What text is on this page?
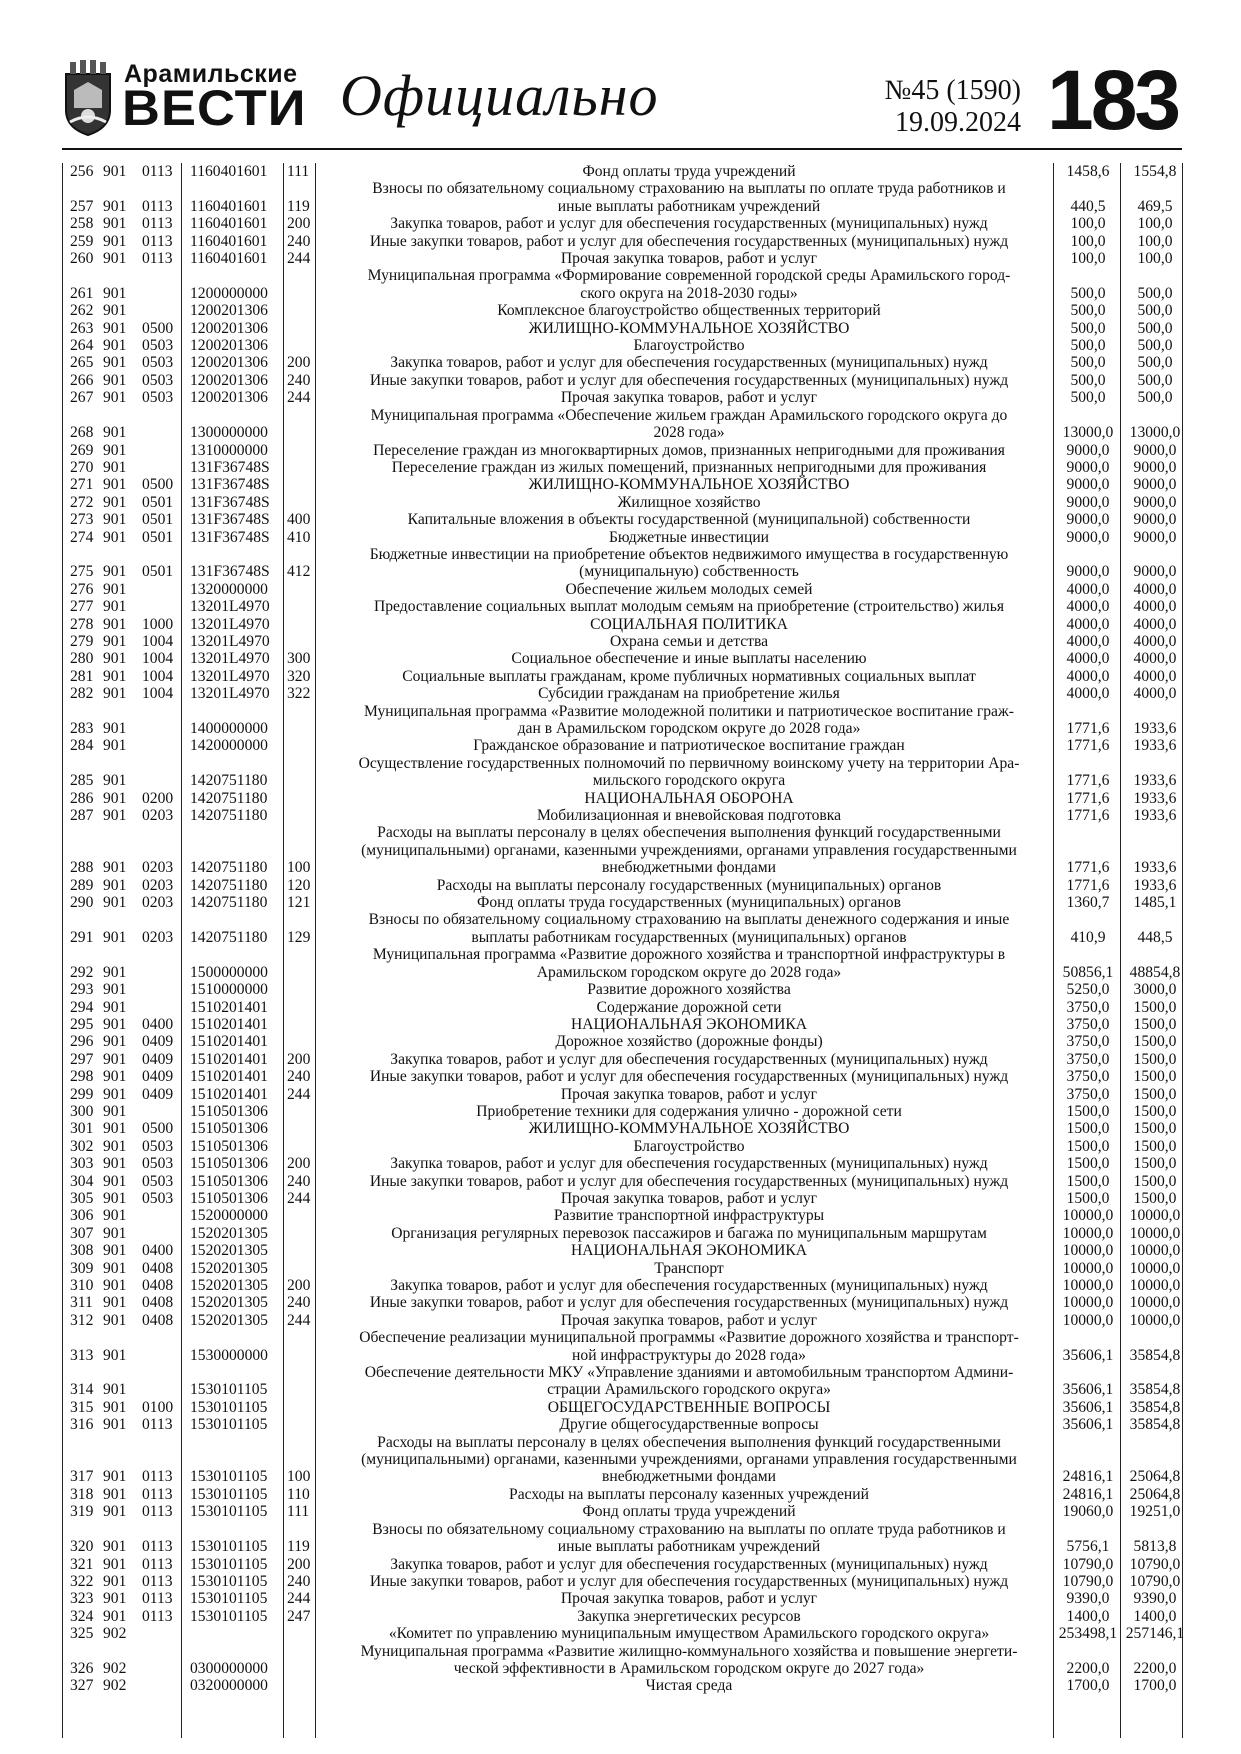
Арамильские
ВЕСТИ Официально	№45 (1590)
19.09.2024 183
256 901 0113 1160401601 111	1458,6	1554,8
Фонд оплаты труда учреждений
257 901 0113 1160401601 119	440,5	469,5
Взносы по обязательному социальному страхованию на выплаты по оплате труда работников и
иные выплаты работникам учреждений
258 901 0113 1160401601 200	100,0	100,0
Закупка товаров, работ и услуг для обеспечения государственных (муниципальных) нужд
259 901 0113 1160401601 240	100,0	100,0
Иные закупки товаров, работ и услуг для обеспечения государственных (муниципальных) нужд
260 901 0113 1160401601 244	100,0	100,0
Прочая закупка товаров, работ и услуг
261 901	1200000000	500,0	500,0
Муниципальная программа «Формирование современной городской среды Арамильского город-
ского округа на 2018-2030 годы»
262 901	1200201306	500,0	500,0
Комплексное благоустройство общественных территорий
263 901 0500 1200201306	500,0	500,0
ЖИЛИЩНО-КОММУНАЛЬНОЕ ХОЗЯЙСТВО
264 901 0503 1200201306	500,0	500,0
Благоустройство
265 901 0503 1200201306 200	500,0	500,0
Закупка товаров, работ и услуг для обеспечения государственных (муниципальных) нужд
266 901 0503 1200201306 240	500,0	500,0
Иные закупки товаров, работ и услуг для обеспечения государственных (муниципальных) нужд
267 901 0503 1200201306 244	500,0	500,0
Прочая закупка товаров, работ и услуг
268 901	1300000000	13000,0	13000,0
Муниципальная программа «Обеспечение жильем граждан Арамильского городского округа до
2028 года»
269 901	1310000000	9000,0	9000,0
Переселение граждан из многоквартирных домов, признанных непригодными для проживания
270 901	131F36748S	9000,0	9000,0
Переселение граждан из жилых помещений, признанных непригодными для проживания
271 901 0500 131F36748S	9000,0	9000,0
ЖИЛИЩНО-КОММУНАЛЬНОЕ ХОЗЯЙСТВО
272 901 0501 131F36748S	9000,0	9000,0
Жилищное хозяйство
273 901 0501 131F36748S 400	9000,0	9000,0
Капитальные вложения в объекты государственной (муниципальной) собственности
274 901 0501 131F36748S 410	9000,0	9000,0
Бюджетные инвестиции
275 901 0501 131F36748S 412	9000,0	9000,0
Бюджетные инвестиции на приобретение объектов недвижимого имущества в государственную
(муниципальную) собственность
276 901	1320000000	4000,0	4000,0
Обеспечение жильем молодых семей
277 901	13201L4970	4000,0	4000,0
Предоставление социальных выплат молодым семьям на приобретение (строительство) жилья
278 901 1000 13201L4970	4000,0	4000,0
СОЦИАЛЬНАЯ ПОЛИТИКА
279 901 1004 13201L4970	4000,0	4000,0
Охрана семьи и детства
280 901 1004 13201L4970 300	4000,0	4000,0
Социальное обеспечение и иные выплаты населению
281 901 1004 13201L4970 320	4000,0	4000,0
Социальные выплаты гражданам, кроме публичных нормативных социальных выплат
282 901 1004 13201L4970 322	4000,0	4000,0
Субсидии гражданам на приобретение жилья
283 901	1400000000	1771,6	1933,6
Муниципальная программа «Развитие молодежной политики и патриотическое воспитание граж-
дан в Арамильском городском округе до 2028 года»
284 901	1420000000	1771,6	1933,6
Гражданское образование и патриотическое воспитание граждан
285 901	1420751180	1771,6	1933,6
Осуществление государственных полномочий по первичному воинскому учету на территории Ара-
мильского городского округа
286 901 0200 1420751180	1771,6	1933,6
НАЦИОНАЛЬНАЯ ОБОРОНА
287 901 0203 1420751180	1771,6	1933,6
Мобилизационная и вневойсковая подготовка
288 901 0203 1420751180 100	1771,6	1933,6
Расходы на выплаты персоналу в целях обеспечения выполнения функций государственными
(муниципальными) органами, казенными учреждениями, органами управления государственными
внебюджетными фондами
289 901 0203 1420751180 120	1771,6	1933,6
Расходы на выплаты персоналу государственных (муниципальных) органов
290 901 0203 1420751180 121	1360,7	1485,1
Фонд оплаты труда государственных (муниципальных) органов
291 901 0203 1420751180 129	410,9	448,5
Взносы по обязательному социальному страхованию на выплаты денежного содержания и иные
выплаты работникам государственных (муниципальных) органов
292 901	1500000000	50856,1	48854,8
Муниципальная программа «Развитие дорожного хозяйства и транспортной инфраструктуры в
Арамильском городском округе до 2028 года»
293 901	1510000000	5250,0	3000,0
Развитие дорожного хозяйства
294 901	1510201401	3750,0	1500,0
Содержание дорожной сети
295 901 0400 1510201401	3750,0	1500,0
НАЦИОНАЛЬНАЯ ЭКОНОМИКА
296 901 0409 1510201401	3750,0	1500,0
Дорожное хозяйство (дорожные фонды)
297 901 0409 1510201401 200	3750,0	1500,0
Закупка товаров, работ и услуг для обеспечения государственных (муниципальных) нужд
298 901 0409 1510201401 240	3750,0	1500,0
Иные закупки товаров, работ и услуг для обеспечения государственных (муниципальных) нужд
299 901 0409 1510201401 244	3750,0	1500,0
Прочая закупка товаров, работ и услуг
300 901	1510501306	1500,0	1500,0
Приобретение техники для содержания улично - дорожной сети
301 901 0500 1510501306	1500,0	1500,0
ЖИЛИЩНО-КОММУНАЛЬНОЕ ХОЗЯЙСТВО
302 901 0503 1510501306	1500,0	1500,0
Благоустройство
303 901 0503 1510501306 200	1500,0	1500,0
Закупка товаров, работ и услуг для обеспечения государственных (муниципальных) нужд
304 901 0503 1510501306 240	1500,0	1500,0
Иные закупки товаров, работ и услуг для обеспечения государственных (муниципальных) нужд
305 901 0503 1510501306 244	1500,0	1500,0
Прочая закупка товаров, работ и услуг
306 901	1520000000	10000,0	10000,0
Развитие транспортной инфраструктуры
307 901	1520201305	10000,0	10000,0
Организация регулярных перевозок пассажиров и багажа по муниципальным маршрутам
308 901 0400 1520201305	10000,0	10000,0
НАЦИОНАЛЬНАЯ ЭКОНОМИКА
309 901 0408 1520201305	10000,0	10000,0
Транспорт
310 901 0408 1520201305 200	10000,0	10000,0
Закупка товаров, работ и услуг для обеспечения государственных (муниципальных) нужд
311 901 0408 1520201305 240	10000,0	10000,0
Иные закупки товаров, работ и услуг для обеспечения государственных (муниципальных) нужд
312 901 0408 1520201305 244	10000,0	10000,0
Прочая закупка товаров, работ и услуг
313 901	1530000000	35606,1	35854,8
Обеспечение реализации муниципальной программы «Развитие дорожного хозяйства и транспорт-
ной инфраструктуры до 2028 года»
314 901	1530101105	35606,1	35854,8
Обеспечение деятельности МКУ «Управление зданиями и автомобильным транспортом Админи-
страции Арамильского городского округа»
315 901 0100 1530101105	35606,1	35854,8
ОБЩЕГОСУДАРСТВЕННЫЕ ВОПРОСЫ
316 901 0113 1530101105	35606,1	35854,8
Другие общегосударственные вопросы
317 901 0113 1530101105 100	24816,1	25064,8
Расходы на выплаты персоналу в целях обеспечения выполнения функций государственными
(муниципальными) органами, казенными учреждениями, органами управления государственными
внебюджетными фондами
318 901 0113 1530101105 110	24816,1	25064,8
Расходы на выплаты персоналу казенных учреждений
319 901 0113 1530101105 111	19060,0	19251,0
Фонд оплаты труда учреждений
320 901 0113 1530101105 119	5756,1	5813,8
Взносы по обязательному социальному страхованию на выплаты по оплате труда работников и
иные выплаты работникам учреждений
321 901 0113 1530101105 200	10790,0	10790,0
Закупка товаров, работ и услуг для обеспечения государственных (муниципальных) нужд
322 901 0113 1530101105 240	10790,0	10790,0
Иные закупки товаров, работ и услуг для обеспечения государственных (муниципальных) нужд
323 901 0113 1530101105 244	9390,0	9390,0
Прочая закупка товаров, работ и услуг
324 901 0113 1530101105 247	1400,0	1400,0
Закупка энергетических ресурсов
325 902	253498,1 257146,1
«Комитет по управлению муниципальным имуществом Арамильского городского округа»
326 902	0300000000	2200,0	2200,0
Муниципальная программа «Развитие жилищно-коммунального хозяйства и повышение энергети-
ческой эффективности в Арамильском городском округе до 2027 года»
327 902	0320000000	1700,0	1700,0
Чистая среда
